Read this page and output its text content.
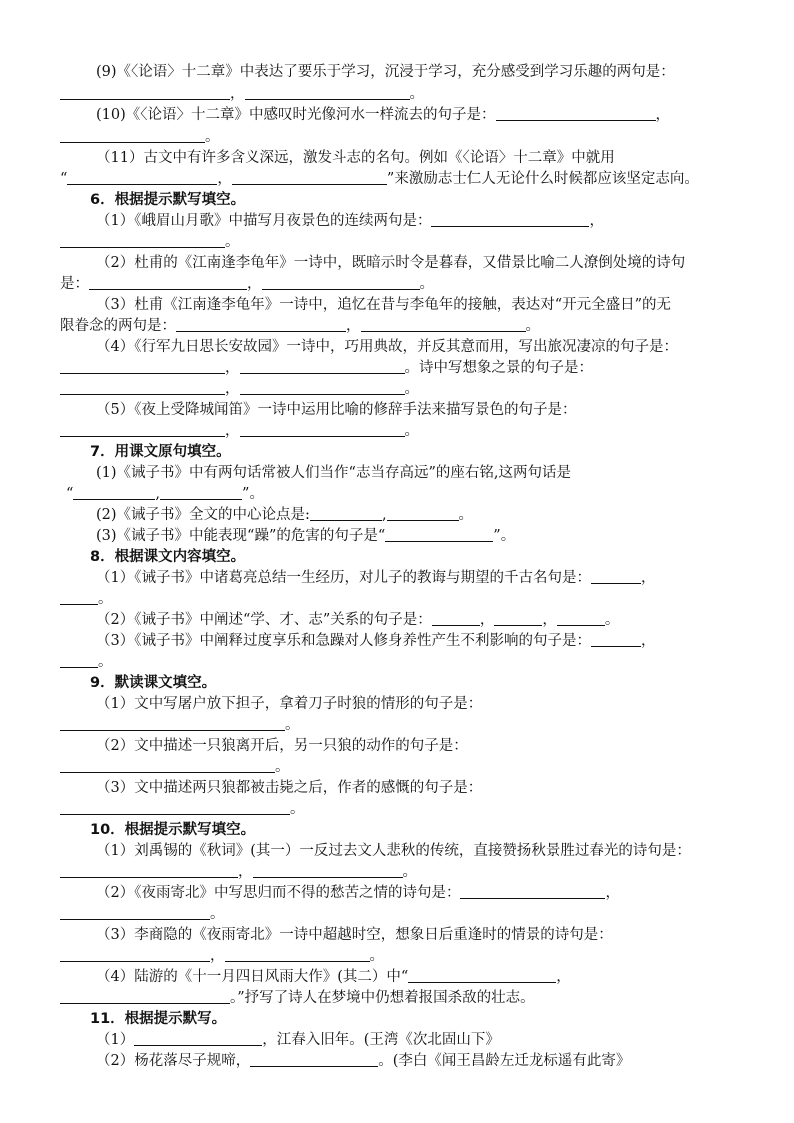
(9)《〈论语〉十二章》中表达了要乐于学习，沉浸于学习，充分感受到学习乐趣的两句是：
，	。
(10)《〈论语〉十二章》中感叹时光像河水一样流去的句子是：	，
。
（11）古文中有许多含义深远，激发斗志的名句。例如《〈论语〉十二章》中就用
“	，	”来激励志士仁人无论什么时候都应该坚定志向。
6．根据提示默写填空。
（1）《峨眉山月歌》中描写月夜景色的连续两句是：	，
。
（2）杜甫的《江南逢李龟年》一诗中，既暗示时令是暮春，又借景比喻二人潦倒处境的诗句
是：	，	。
（3）杜甫《江南逢李龟年》一诗中，追忆在昔与李龟年的接触，表达对“开元全盛日”的无
限眷念的两句是：	，	。
（4）《行军九日思长安故园》一诗中，巧用典故，并反其意而用，写出旅况凄凉的句子是：
，	。诗中写想象之景的句子是：
，	。
（5）《夜上受降城闻笛》一诗中运用比喻的修辞手法来描写景色的句子是：
，	。
7．用课文原句填空。
(1)《诫子书》中有两句话常被人们当作“志当存高远”的座右铭,这两句话是
“	,	”。
(2)《诫子书》全文的中心论点是:	,	。
(3)《诫子书》中能表现“躁”的危害的句子是“	”。
8．根据课文内容填空。
（1）《诫子书》中诸葛亮总结一生经历，对儿子的教诲与期望的千古名句是：	，
。
（2）《诫子书》中阐述“学、才、志”关系的句子是：	，	，	。
（3）《诫子书》中阐释过度享乐和急躁对人修身养性产生不利影响的句子是：	，
。
9．默读课文填空。
（1）文中写屠户放下担子，拿着刀子时狼的情形的句子是：
。
（2）文中描述一只狼离开后，另一只狼的动作的句子是：
。
（3）文中描述两只狼都被击毙之后，作者的感慨的句子是：
。
10．根据提示默写填空。
（1）刘禹锡的《秋词》(其一）一反过去文人悲秋的传统，直接赞扬秋景胜过春光的诗句是：
，	。
（2）《夜雨寄北》中写思归而不得的愁苦之情的诗句是：	，
。
（3）李商隐的《夜雨寄北》一诗中超越时空，想象日后重逢时的情景的诗句是：
，	。
（4）陆游的《十一月四日风雨大作》(其二）中“	，
。”抒写了诗人在梦境中仍想着报国杀敌的壮志。
11．根据提示默写。
（1）	，江春入旧年。(王湾《次北固山下》
（2）杨花落尽子规啼，	。(李白《闻王昌龄左迁龙标遥有此寄》
